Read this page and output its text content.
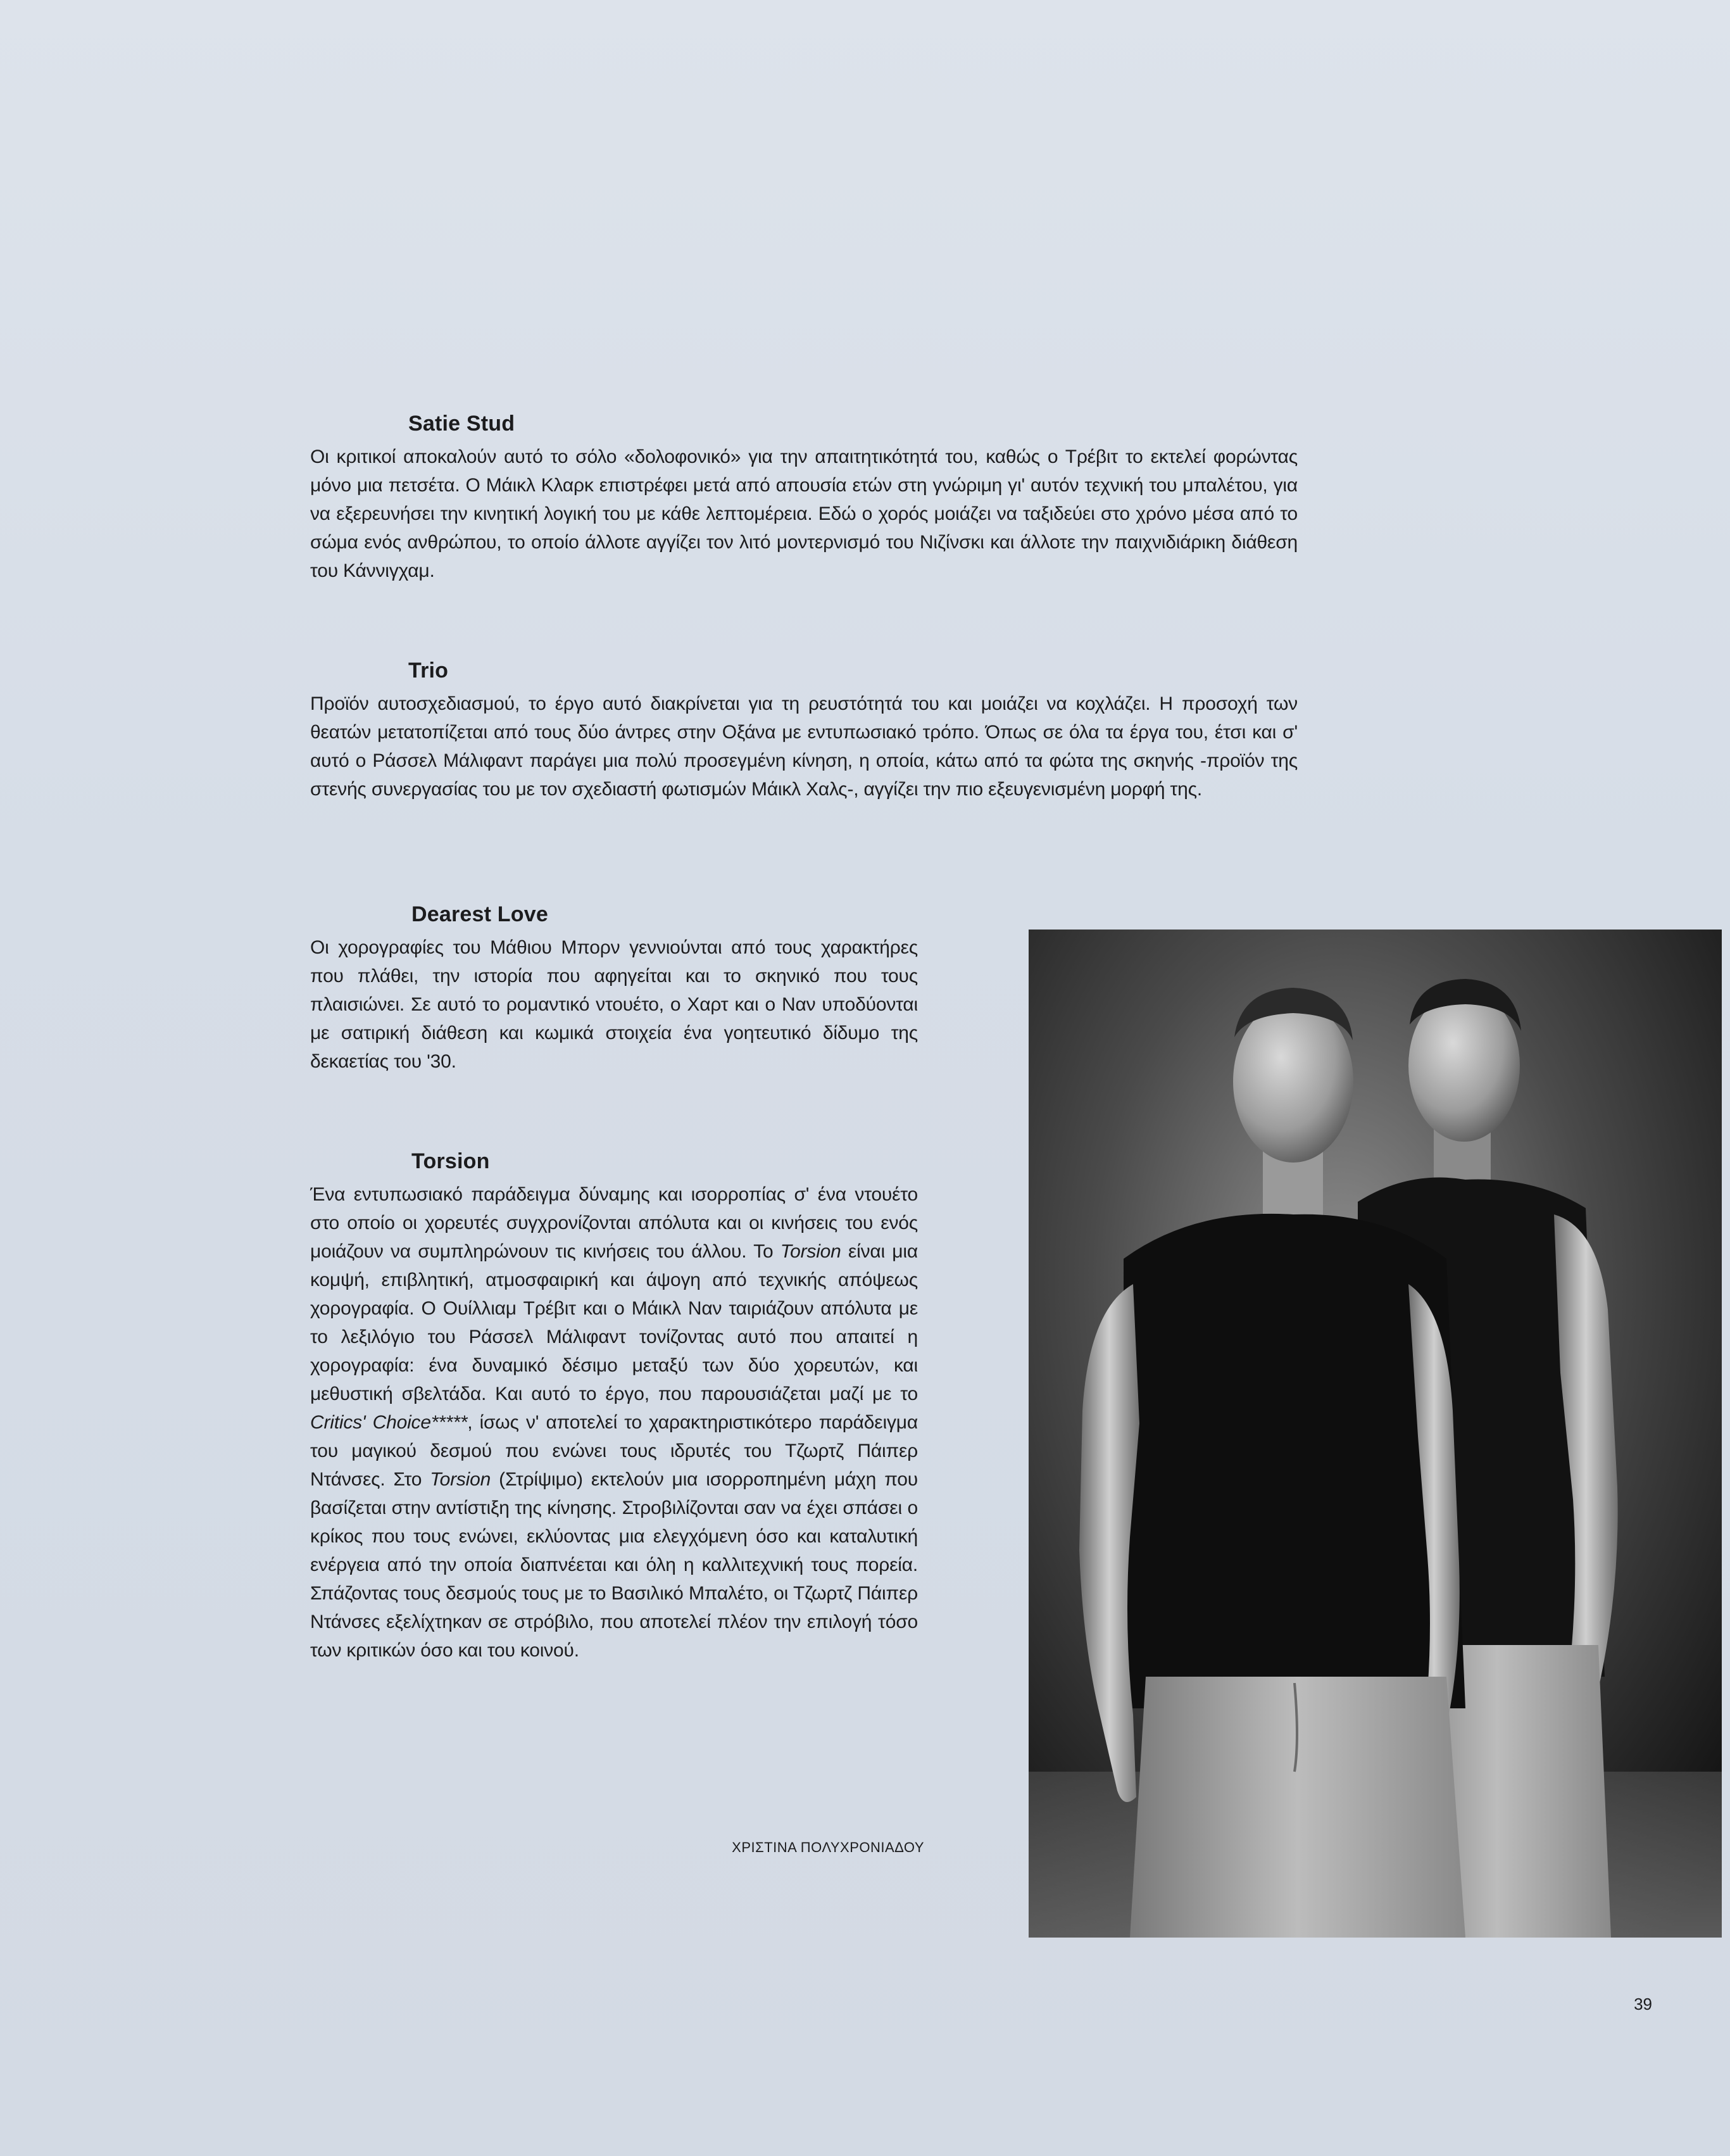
Satie Stud

Οι κριτικοί αποκαλούν αυτό το σόλο «δολοφονικό» για την απαιτητικότητά του, καθώς ο Τρέβιτ το εκτελεί φορώντας μόνο μια πετσέτα. Ο Μάικλ Κλαρκ επιστρέφει μετά από απουσία ετών στη γνώριμη γι' αυτόν τεχνική του μπαλέτου, για να εξερευνήσει την κινητική λογική του με κάθε λεπτομέρεια. Εδώ ο χορός μοιάζει να ταξιδεύει στο χρόνο μέσα από το σώμα ενός ανθρώπου, το οποίο άλλοτε αγγίζει τον λιτό μοντερνισμό του Νιζίνσκι και άλλοτε την παιχνιδιάρικη διάθεση του Κάννιγχαμ.

Trio

Προϊόν αυτοσχεδιασμού, το έργο αυτό διακρίνεται για τη ρευστότητά του και μοιάζει να κοχλάζει. Η προσοχή των θεατών μετατοπίζεται από τους δύο άντρες στην Οξάνα με εντυπωσιακό τρόπο. Όπως σε όλα τα έργα του, έτσι και σ' αυτό ο Ράσσελ Μάλιφαντ παράγει μια πολύ προσεγμένη κίνηση, η οποία, κάτω από τα φώτα της σκηνής -προϊόν της στενής συνεργασίας του με τον σχεδιαστή φωτισμών Μάικλ Χαλς-, αγγίζει την πιο εξευγενισμένη μορφή της.

Dearest Love

Οι χορογραφίες του Μάθιου Μπορν γεννιούνται από τους χαρακτήρες που πλάθει, την ιστορία που αφηγείται και το σκηνικό που τους πλαισιώνει. Σε αυτό το ρομαντικό ντουέτο, ο Χαρτ και ο Ναν υποδύονται με σατιρική διάθεση και κωμικά στοιχεία ένα γοητευτικό δίδυμο της δεκαετίας του '30.

Torsion

Ένα εντυπωσιακό παράδειγμα δύναμης και ισορροπίας σ' ένα ντουέτο στο οποίο οι χορευτές συγχρονίζονται απόλυτα και οι κινήσεις του ενός μοιάζουν να συμπληρώνουν τις κινήσεις του άλλου. Το Torsion είναι μια κομψή, επιβλητική, ατμοσφαιρική και άψογη από τεχνικής απόψεως χορογραφία. Ο Ουίλλιαμ Τρέβιτ και ο Μάικλ Ναν ταιριάζουν απόλυτα με το λεξιλόγιο του Ράσσελ Μάλιφαντ τονίζοντας αυτό που απαιτεί η χορογραφία: ένα δυναμικό δέσιμο μεταξύ των δύο χορευτών, και μεθυστική σβελτάδα. Και αυτό το έργο, που παρουσιάζεται μαζί με το Critics' Choice*****, ίσως ν' αποτελεί το χαρακτηριστικότερο παράδειγμα του μαγικού δεσμού που ενώνει τους ιδρυτές του Τζωρτζ Πάιπερ Ντάνσες. Στο Torsion (Στρίψιμο) εκτελούν μια ισορροπημένη μάχη που βασίζεται στην αντίστιξη της κίνησης. Στροβιλίζονται σαν να έχει σπάσει ο κρίκος που τους ενώνει, εκλύοντας μια ελεγχόμενη όσο και καταλυτική ενέργεια από την οποία διαπνέεται και όλη η καλλιτεχνική τους πορεία. Σπάζοντας τους δεσμούς τους με το Βασιλικό Μπαλέτο, οι Τζωρτζ Πάιπερ Ντάνσες εξελίχτηκαν σε στρόβιλο, που αποτελεί πλέον την επιλογή τόσο των κριτικών όσο και του κοινού.

ΧΡΙΣΤΙΝΑ ΠΟΛΥΧΡΟΝΙΑΔΟΥ
39
